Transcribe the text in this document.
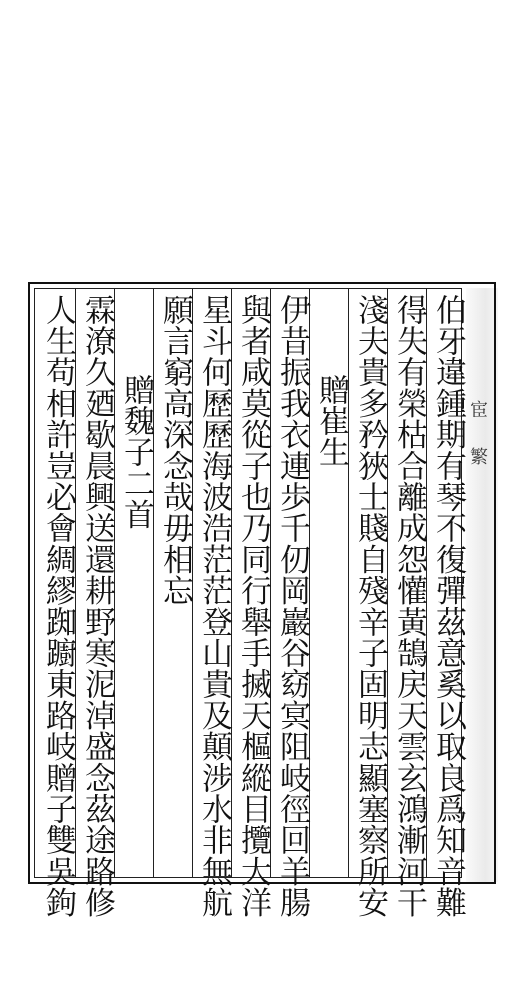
伯牙違鍾期有琴不復彈茲意奚以取良爲知音難
得失有榮枯合離成怨懽黃鵠戻天雲玄鴻漸河干
淺夫貴多矜狹士賤自殘辛子固明志顯塞察所安
贈崔生
伊昔振我衣連歩千仞岡巖谷窈㝠阻岐徑回羊腸
與者咸莫從子也乃同行舉手搣天樞縱目攬大洋
星斗何歷歷海波浩茫茫登山貴及顛涉水非無航
願言窮高深念哉毋相忘
贈魏子二首
霖潦久廼歇晨興送還耕野寒泥淖盛念茲途路修
人生苟相許豈必會綢繆踟躕東路岐贈子雙吳鉤	宦 繁
